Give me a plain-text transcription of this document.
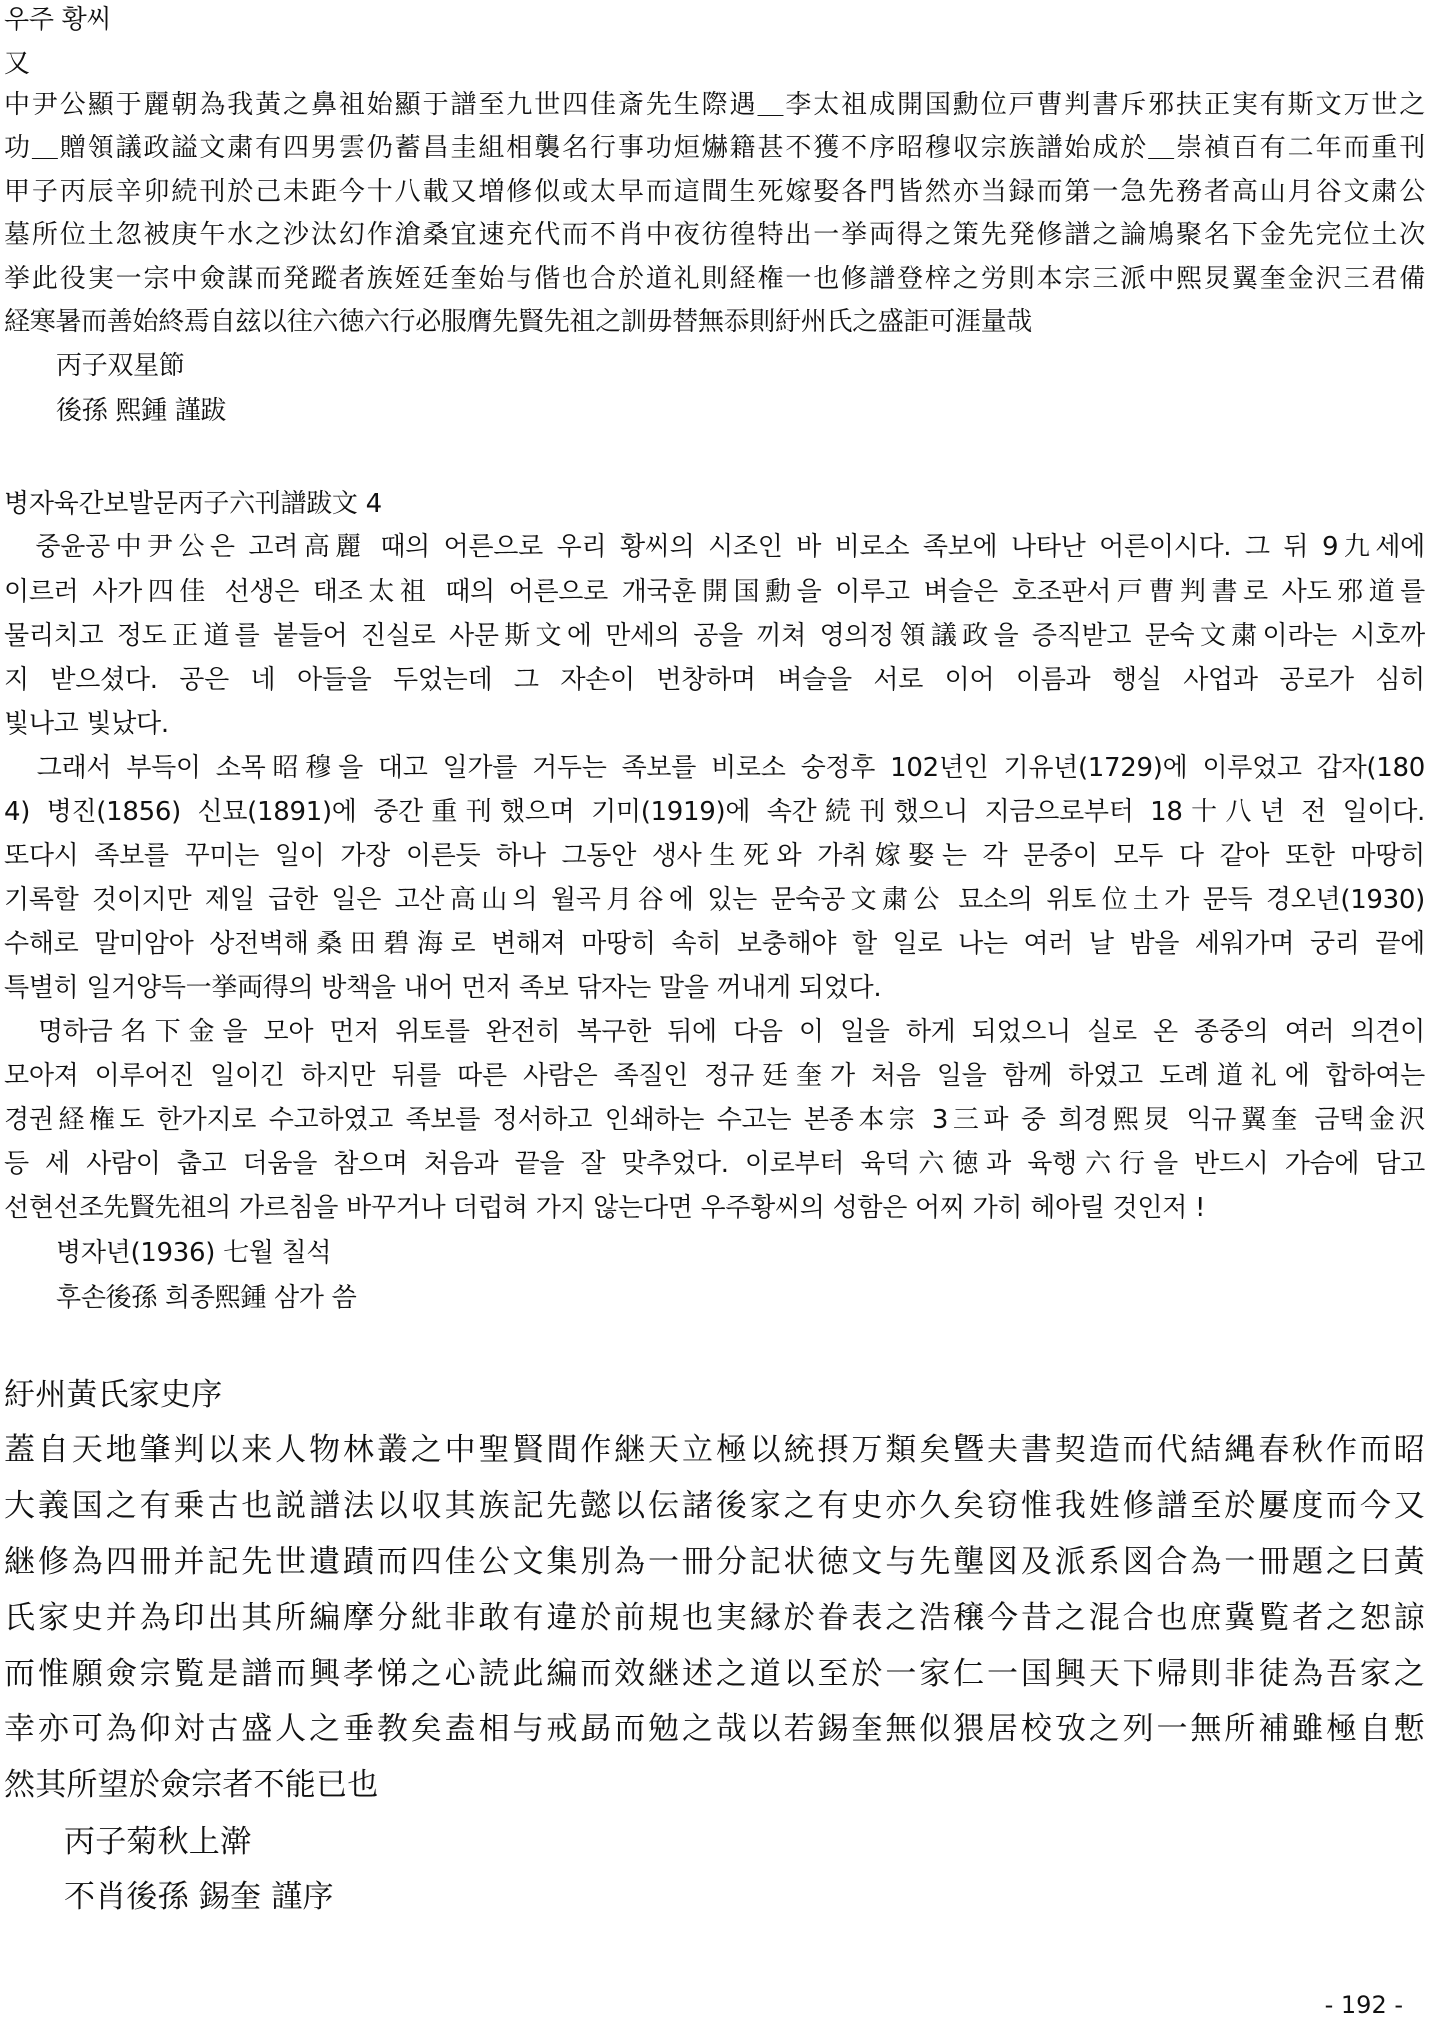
우주 황씨
又
中尹公顯于麗朝為我黃之鼻祖始顯于譜至九世四佳斎先生際遇＿李太祖成開国勳位戸曹判書斥邪扶正実有斯文万世之
功＿贈領議政謚文粛有四男雲仍蓄昌圭組相襲名行事功烜爀籍甚不獲不序昭穆収宗族譜始成於＿崇禎百有二年而重刊
甲子丙辰辛卯続刊於己未距今十八載又増修似或太早而這間生死嫁娶各門皆然亦当録而第一急先務者高山月谷文粛公
墓所位土忽被庚午水之沙汰幻作滄桑宜速充代而不肖中夜彷徨特出一挙両得之策先発修譜之論鳩聚名下金先完位土次
挙此役実一宗中僉謀而発蹤者族姪廷奎始与偕也合於道礼則経権一也修譜登梓之労則本宗三派中熙炅翼奎金沢三君備
経寒暑而善始終焉自玆以往六徳六行必服膺先賢先祖之訓毋替無忝則紆州氏之盛詎可涯量哉
丙子双星節
後孫 熙鍾 謹跋
병자육간보발문丙子六刊譜跋文 4
　중윤공中尹公은 고려高麗 때의 어른으로 우리 황씨의 시조인 바 비로소 족보에 나타난 어른이시다. 그 뒤 9九세에
이르러 사가四佳 선생은 태조太祖 때의 어른으로 개국훈開国勳을 이루고 벼슬은 호조판서戸曹判書로 사도邪道를
물리치고 정도正道를 붙들어 진실로 사문斯文에 만세의 공을 끼쳐 영의정領議政을 증직받고 문숙文粛이라는 시호까
지 받으셨다. 공은 네 아들을 두었는데 그 자손이 번창하며 벼슬을 서로 이어 이름과 행실 사업과 공로가 심히
빛나고 빛났다.
　그래서 부득이 소목昭穆을 대고 일가를 거두는 족보를 비로소 숭정후 102년인 기유년(1729)에 이루었고 갑자(180
4) 병진(1856) 신묘(1891)에 중간重刊했으며 기미(1919)에 속간続刊했으니 지금으로부터 18十八년 전 일이다.
또다시 족보를 꾸미는 일이 가장 이른듯 하나 그동안 생사生死와 가취嫁娶는 각 문중이 모두 다 같아 또한 마땅히
기록할 것이지만 제일 급한 일은 고산高山의 월곡月谷에 있는 문숙공文粛公 묘소의 위토位土가 문득 경오년(1930)
수해로 말미암아 상전벽해桑田碧海로 변해져 마땅히 속히 보충해야 할 일로 나는 여러 날 밤을 세워가며 궁리 끝에
특별히 일거양득一挙両得의 방책을 내어 먼저 족보 닦자는 말을 꺼내게 되었다.
　명하금名下金을 모아 먼저 위토를 완전히 복구한 뒤에 다음 이 일을 하게 되었으니 실로 온 종중의 여러 의견이
모아져 이루어진 일이긴 하지만 뒤를 따른 사람은 족질인 정규廷奎가 처음 일을 함께 하였고 도례道礼에 합하여는
경권経権도 한가지로 수고하였고 족보를 정서하고 인쇄하는 수고는 본종本宗 3三파 중 희경熙炅 익규翼奎 금택金沢
등 세 사람이 춥고 더움을 참으며 처음과 끝을 잘 맞추었다. 이로부터 육덕六徳과 육행六行을 반드시 가슴에 담고
선현선조先賢先祖의 가르침을 바꾸거나 더럽혀 가지 않는다면 우주황씨의 성함은 어찌 가히 헤아릴 것인저 !
병자년(1936) 七월 칠석
후손後孫 희종熙鍾 삼가 씀
紆州黃氏家史序
蓋自天地肇判以来人物林叢之中聖賢間作継天立極以統摂万類矣曁夫書契造而代結縄春秋作而昭
大義国之有乗古也説譜法以収其族記先懿以伝諸後家之有史亦久矣窃惟我姓修譜至於屢度而今又
継修為四冊并記先世遺蹟而四佳公文集別為一冊分記状徳文与先壟図及派系図合為一冊題之曰黃
氏家史并為印出其所編摩分紕非敢有違於前規也実縁於眷表之浩穣今昔之混合也庶冀覧者之恕諒
而惟願僉宗覧是譜而興孝悌之心読此編而效継述之道以至於一家仁一国興天下帰則非徒為吾家之
幸亦可為仰対古盛人之垂教矣盍相与戒勗而勉之哉以若錫奎無似猥居校攷之列一無所補雖極自慙
然其所望於僉宗者不能已也
丙子菊秋上澣
不肖後孫 錫奎 謹序
- 192 -
